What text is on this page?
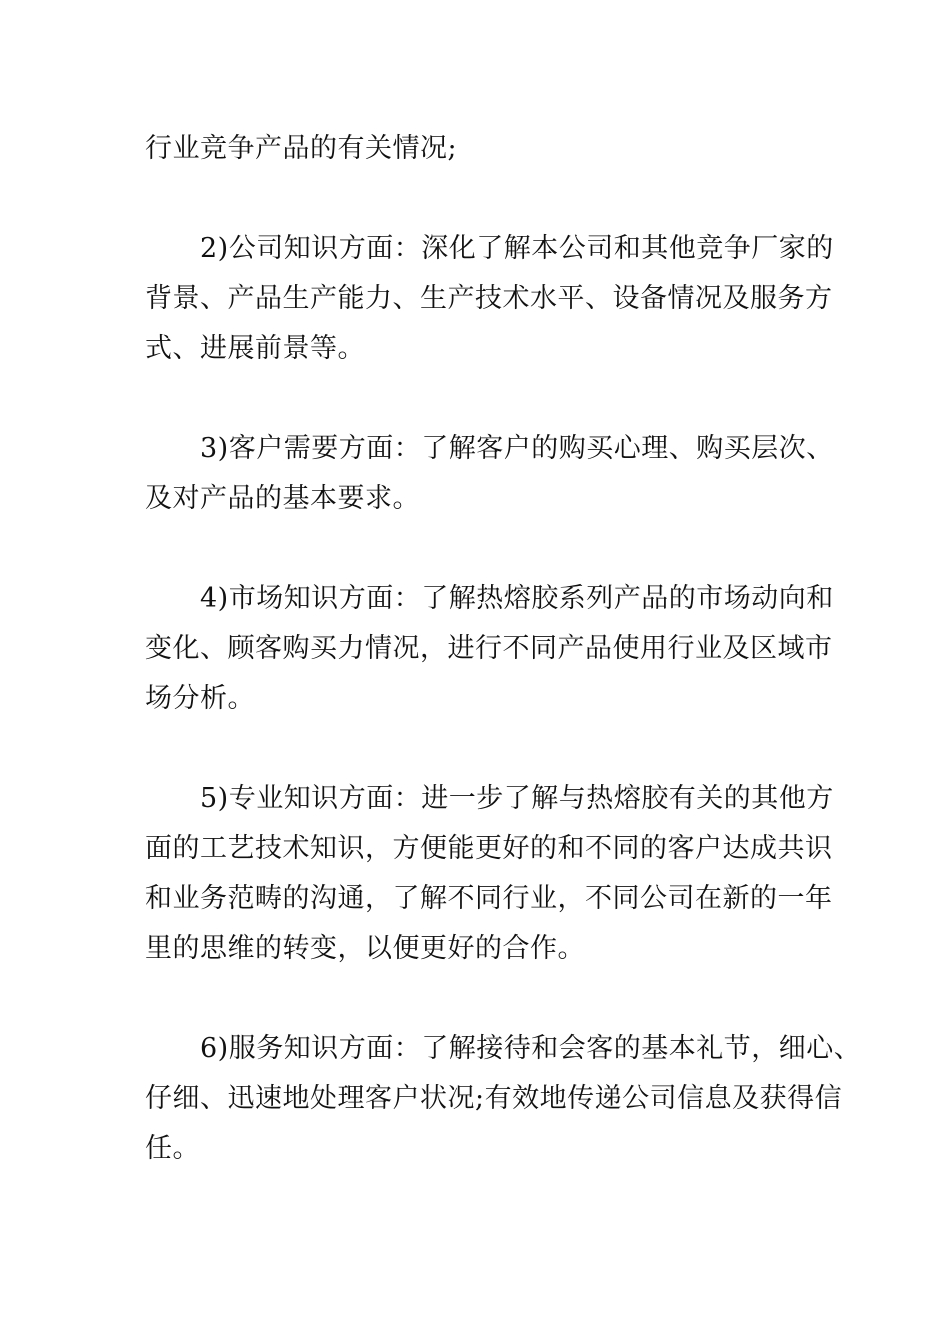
行业竞争产品的有关情况;
2)公司知识方面：深化了解本公司和其他竞争厂家的
背景、产品生产能力、生产技术水平、设备情况及服务方
式、进展前景等。
3)客户需要方面：了解客户的购买心理、购买层次、
及对产品的基本要求。
4)市场知识方面：了解热熔胶系列产品的市场动向和
变化、顾客购买力情况，进行不同产品使用行业及区域市
场分析。
5)专业知识方面：进一步了解与热熔胶有关的其他方
面的工艺技术知识，方便能更好的和不同的客户达成共识
和业务范畴的沟通，了解不同行业，不同公司在新的一年
里的思维的转变，以便更好的合作。
6)服务知识方面：了解接待和会客的基本礼节，细心、
仔细、迅速地处理客户状况;有效地传递公司信息及获得信
任。
